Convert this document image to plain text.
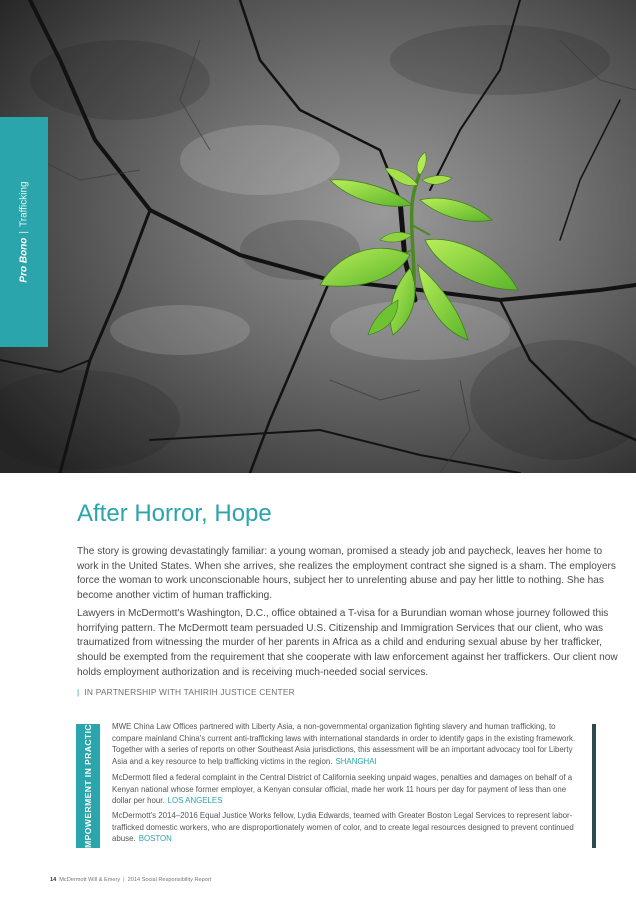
Pro Bono|Trafficking
After Horror, Hope

The story is growing devastatingly familiar: a young woman, promised a steady job and paycheck, leaves her home to work in the United States. When she arrives, she realizes the employment contract she signed is a sham. The employers force the woman to work unconscionable hours, subject her to unrelenting abuse and pay her little to nothing. She has become another victim of human trafficking.

Lawyers in McDermott's Washington, D.C., office obtained a T-visa for a Burundian woman whose journey followed this horrifying pattern. The McDermott team persuaded U.S. Citizenship and Immigration Services that our client, who was traumatized from witnessing the murder of her parents in Africa as a child and enduring sexual abuse by her trafficker, should be exempted from the requirement that she cooperate with law enforcement against her traffickers. Our client now holds employment authorization and is receiving much-needed social services.

| IN PARTNERSHIP WITH TAHIRIH JUSTICE CENTER
EMPOWERMENT IN PRACTICE MWE China Law Offices partnered with Liberty Asia, a non-governmental organization fighting slavery and human trafficking, to compare mainland China's current anti-trafficking laws with international standards in order to identify gaps in the existing framework. Together with a series of reports on other Southeast Asia jurisdictions, this assessment will be an important advocacy tool for Liberty Asia and a key resource to help trafficking victims in the region. SHANGHAI

McDermott filed a federal complaint in the Central District of California seeking unpaid wages, penalties and damages on behalf of a Kenyan national whose former employer, a Kenyan consular official, made her work 11 hours per day for payment of less than one dollar per hour. LOS ANGELES

McDermott's 2014–2016 Equal Justice Works fellow, Lydia Edwards, teamed with Greater Boston Legal Services to represent labor-trafficked domestic workers, who are disproportionately women of color, and to create legal resources designed to prevent continued abuse. BOSTON

14 McDermott Will & Emery | 2014 Social Responsibility Report
